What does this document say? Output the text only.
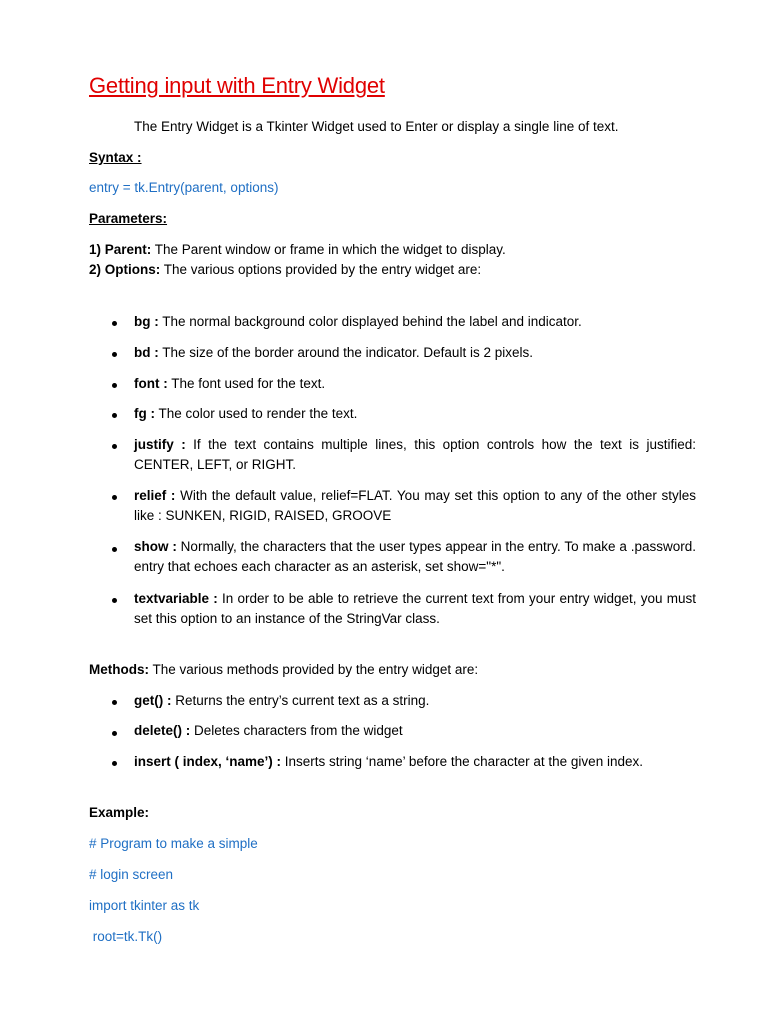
Getting input with Entry Widget
The Entry Widget is a Tkinter Widget used to Enter or display a single line of text.
Syntax :
entry = tk.Entry(parent, options)
Parameters:
1) Parent: The Parent window or frame in which the widget to display.
2) Options: The various options provided by the entry widget are:
bg : The normal background color displayed behind the label and indicator.
bd : The size of the border around the indicator. Default is 2 pixels.
font : The font used for the text.
fg : The color used to render the text.
justify : If the text contains multiple lines, this option controls how the text is justified: CENTER, LEFT, or RIGHT.
relief : With the default value, relief=FLAT. You may set this option to any of the other styles like : SUNKEN, RIGID, RAISED, GROOVE
show : Normally, the characters that the user types appear in the entry. To make a .password. entry that echoes each character as an asterisk, set show="*".
textvariable : In order to be able to retrieve the current text from your entry widget, you must set this option to an instance of the StringVar class.
Methods: The various methods provided by the entry widget are:
get() : Returns the entry’s current text as a string.
delete() : Deletes characters from the widget
insert ( index, ‘name’) : Inserts string ‘name’ before the character at the given index.
Example:
# Program to make a simple
# login screen
import tkinter as tk
root=tk.Tk()
